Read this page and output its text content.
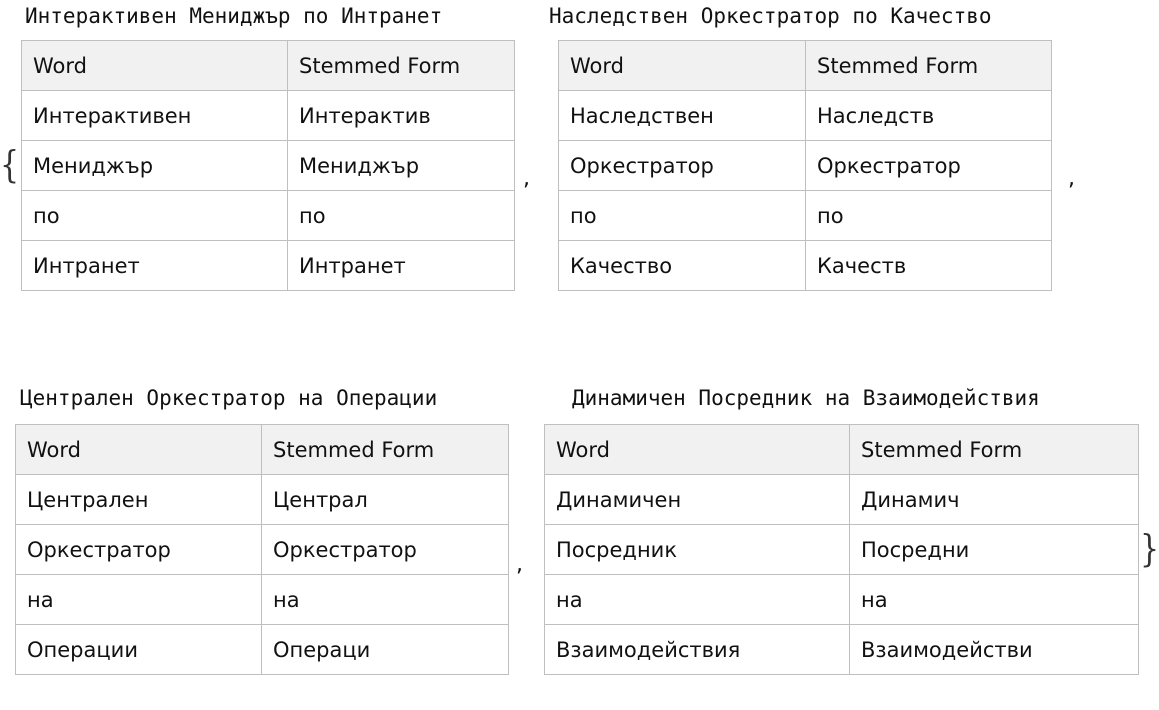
{
Интерактивен Мениджър по Интранет
Word	Stemmed Form
Интерактивен	Интерактив
Мениджър	Мениджър
по	по
Интранет	Интранет
,
Наследствен Оркестратор по Качество
Word	Stemmed Form
Наследствен	Наследств
Оркестратор	Оркестратор
по	по
Качество	Качеств
,
Централен Оркестратор на Операции
Word	Stemmed Form
Централен	Централ
Оркестратор	Оркестратор
на	на
Операции	Операци
,
Динамичен Посредник на Взаимодействия
Word	Stemmed Form
Динамичен	Динамич
Посредник	Посредни
на	на
Взаимодействия	Взаимодействи
}
